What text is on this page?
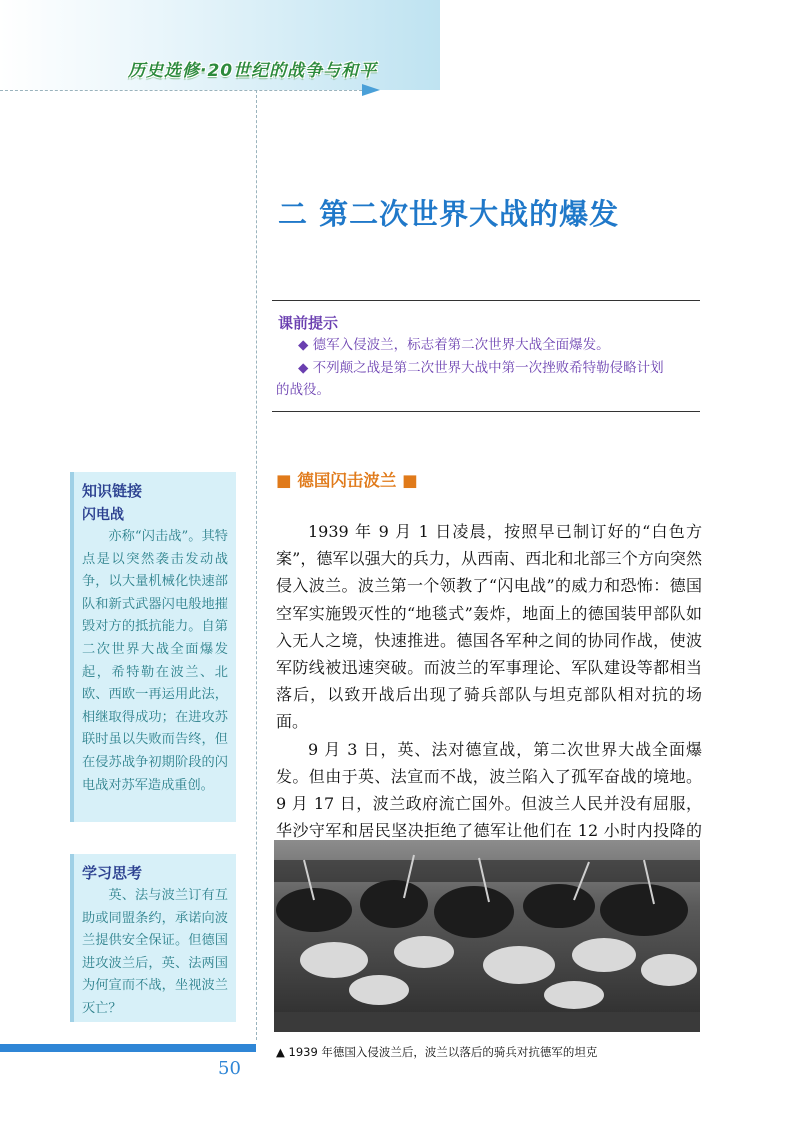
历史选修·20世纪的战争与和平
二 第二次世界大战的爆发
课前提示
◆ 德军入侵波兰，标志着第二次世界大战全面爆发。
◆ 不列颠之战是第二次世界大战中第一次挫败希特勒侵略计划
的战役。
■ 德国闪击波兰 ■

1939 年 9 月 1 日凌晨，按照早已制订好的“白色方案”，德军以强大的兵力，从西南、西北和北部三个方向突然侵入波兰。波兰第一个领教了“闪电战”的威力和恐怖：德国空军实施毁灭性的“地毯式”轰炸，地面上的德国装甲部队如入无人之境，快速推进。德国各军种之间的协同作战，使波军防线被迅速突破。而波兰的军事理论、军队建设等都相当落后，以致开战后出现了骑兵部队与坦克部队相对抗的场面。

9 月 3 日，英、法对德宣战，第二次世界大战全面爆发。但由于英、法宣而不战，波兰陷入了孤军奋战的境地。9 月 17 日，波兰政府流亡国外。但波兰人民并没有屈服，华沙守军和居民坚决拒绝了德军让他们在 12 小时内投降的

知识链接
闪电战
亦称“闪击战”。其特点是以突然袭击发动战争，以大量机械化快速部队和新式武器闪电般地摧毁对方的抵抗能力。自第二次世界大战全面爆发起，希特勒在波兰、北欧、西欧一再运用此法，相继取得成功；在进攻苏联时虽以失败而告终，但在侵苏战争初期阶段的闪电战对苏军造成重创。
学习思考
英、法与波兰订有互助或同盟条约，承诺向波兰提供安全保证。但德国进攻波兰后，英、法两国为何宣而不战，坐视波兰灭亡？
▲ 1939 年德国入侵波兰后，波兰以落后的骑兵对抗德军的坦克
50
